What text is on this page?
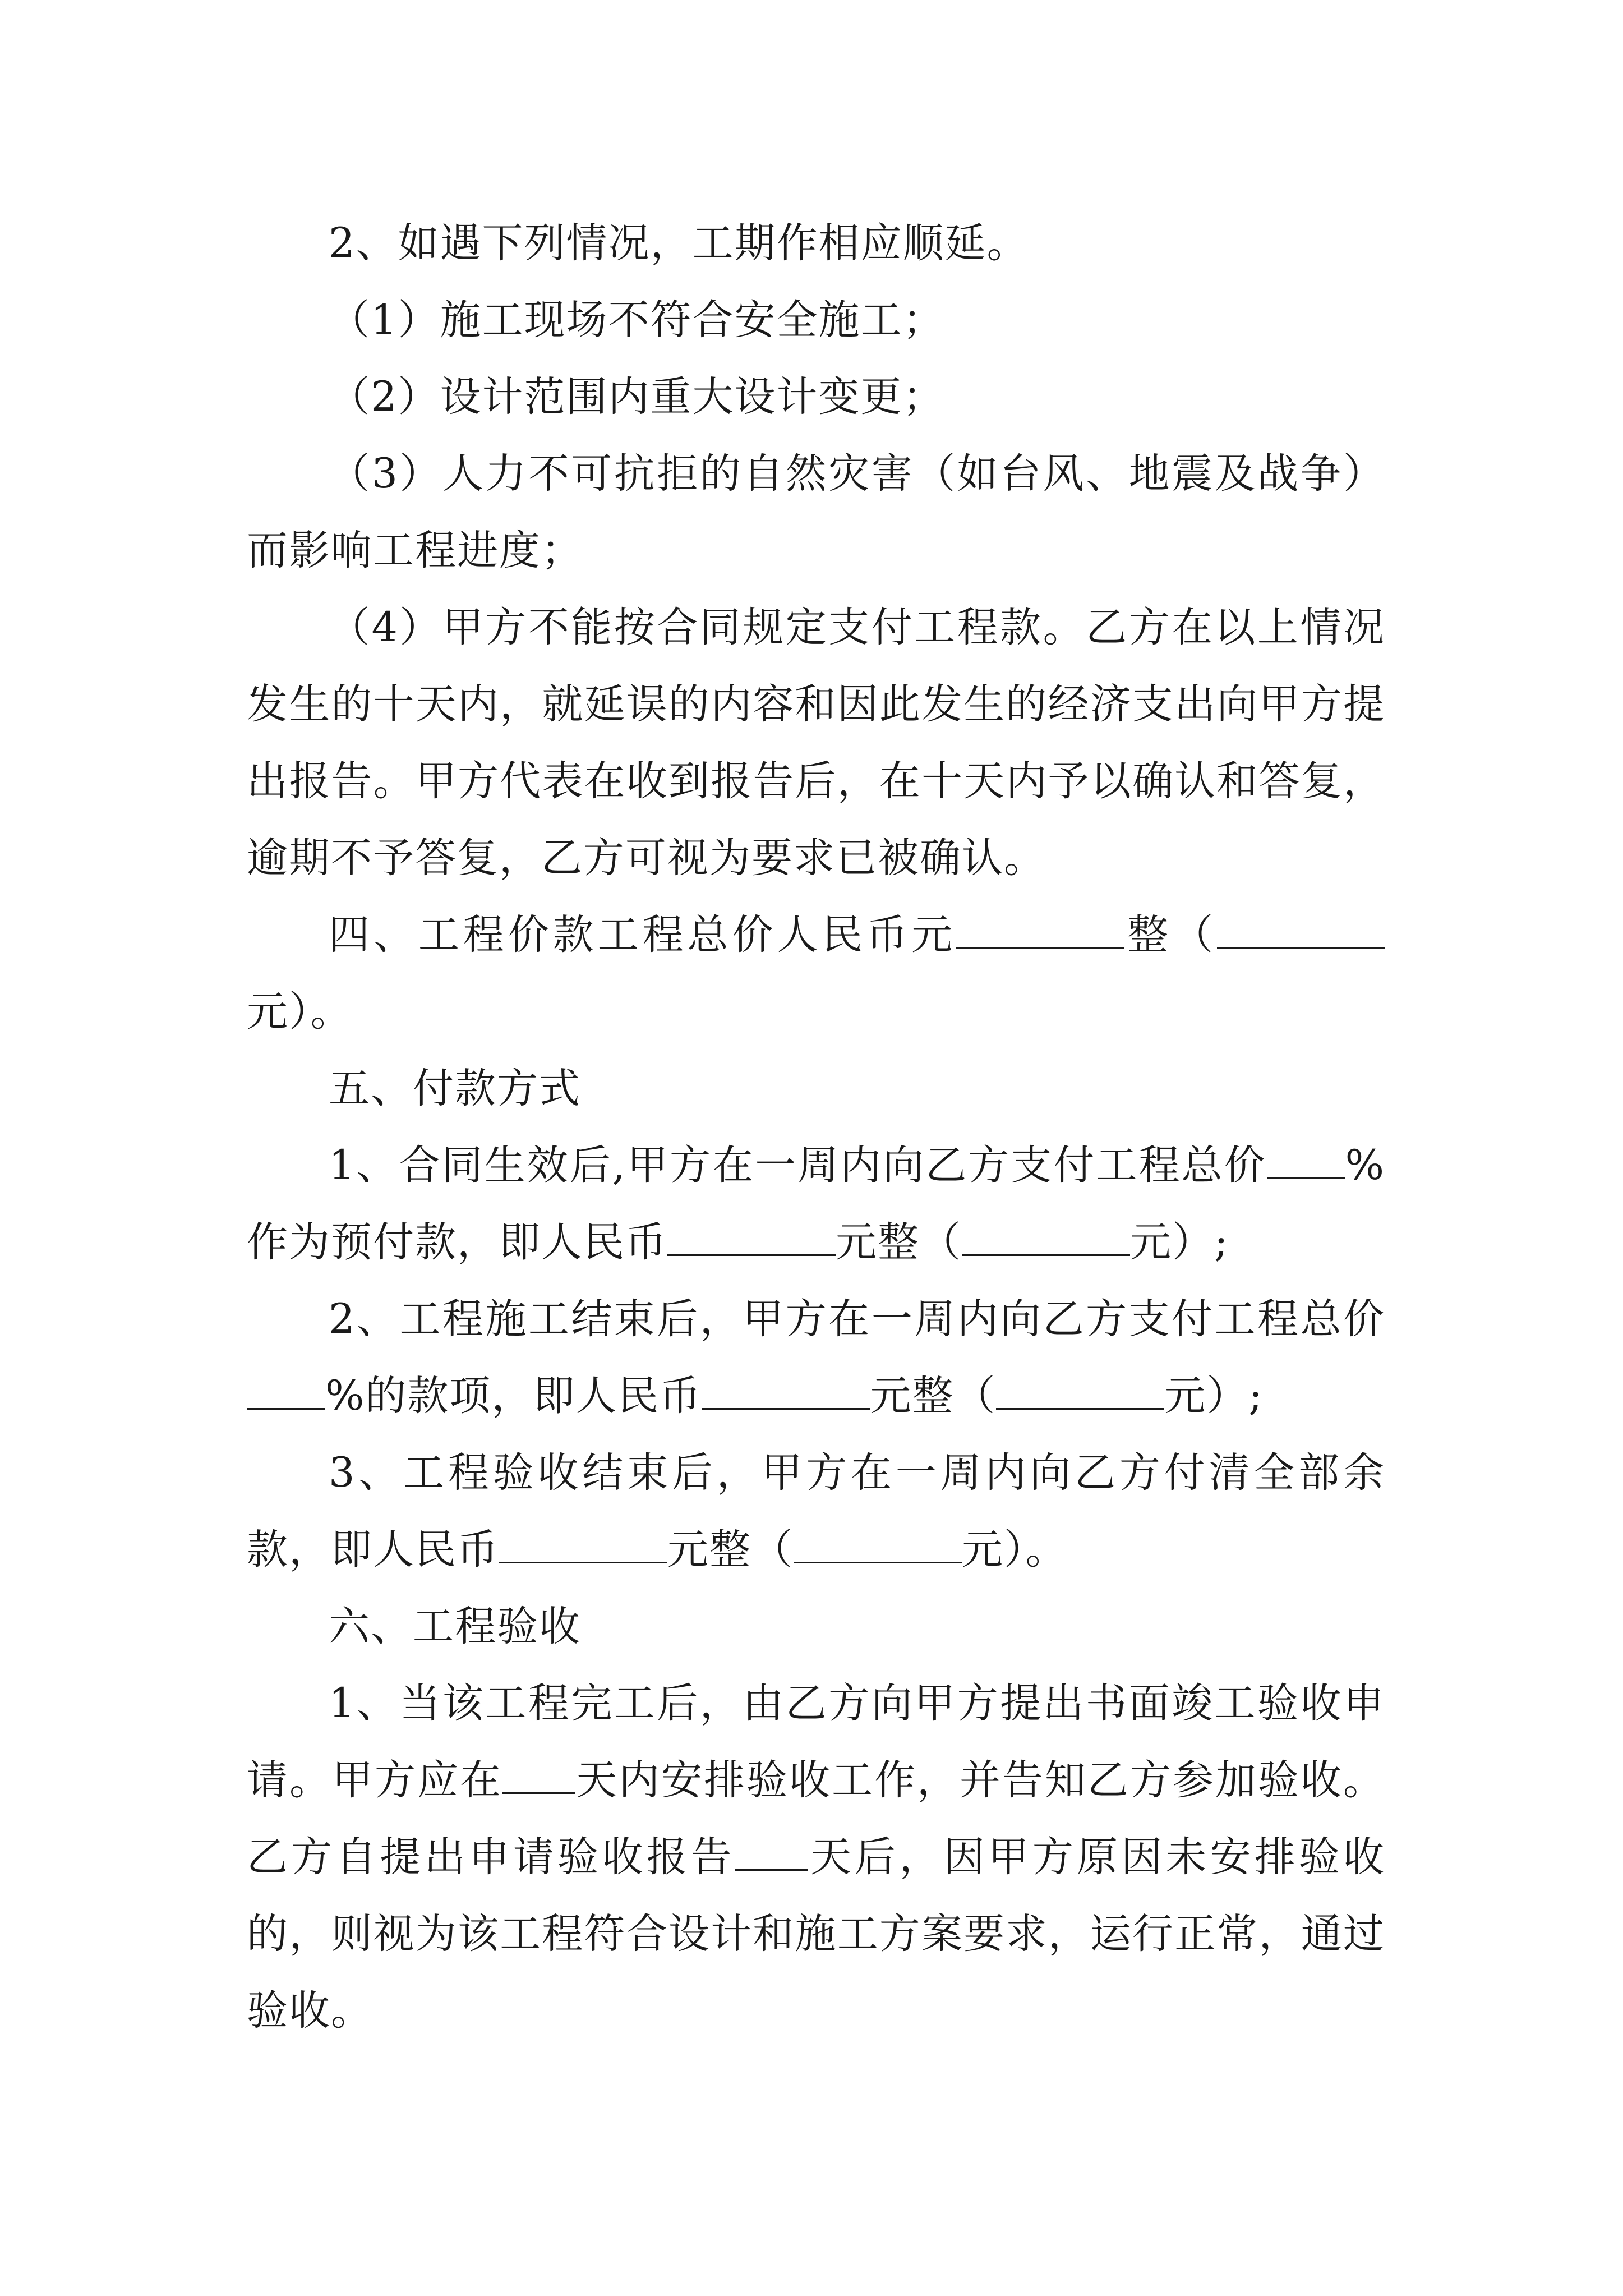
2、如遇下列情况，工期作相应顺延。

（1）施工现场不符合安全施工；

（2）设计范围内重大设计变更；

（3）人力不可抗拒的自然灾害（如台风、地震及战争）而影响工程进度；

（4）甲方不能按合同规定支付工程款。乙方在以上情况发生的十天内，就延误的内容和因此发生的经济支出向甲方提出报告。甲方代表在收到报告后，在十天内予以确认和答复，逾期不予答复，乙方可视为要求已被确认。

四、工程价款工程总价人民币元	整（元）。

五、付款方式

1、合同生效后,甲方在一周内向乙方支付工程总价 %作为预付款，即人民币	元整（	元）;

2、工程施工结束后，甲方在一周内向乙方支付工程总价%的款项，即人民币	元整（	元）;

3、工程验收结束后，甲方在一周内向乙方付清全部余款，即人民币	元整（	元）。

六、工程验收

1、当该工程完工后，由乙方向甲方提出书面竣工验收申请。甲方应在 天内安排验收工作，并告知乙方参加验收。乙方自提出申请验收报告 天后，因甲方原因未安排验收的，则视为该工程符合设计和施工方案要求，运行正常，通过验收。
